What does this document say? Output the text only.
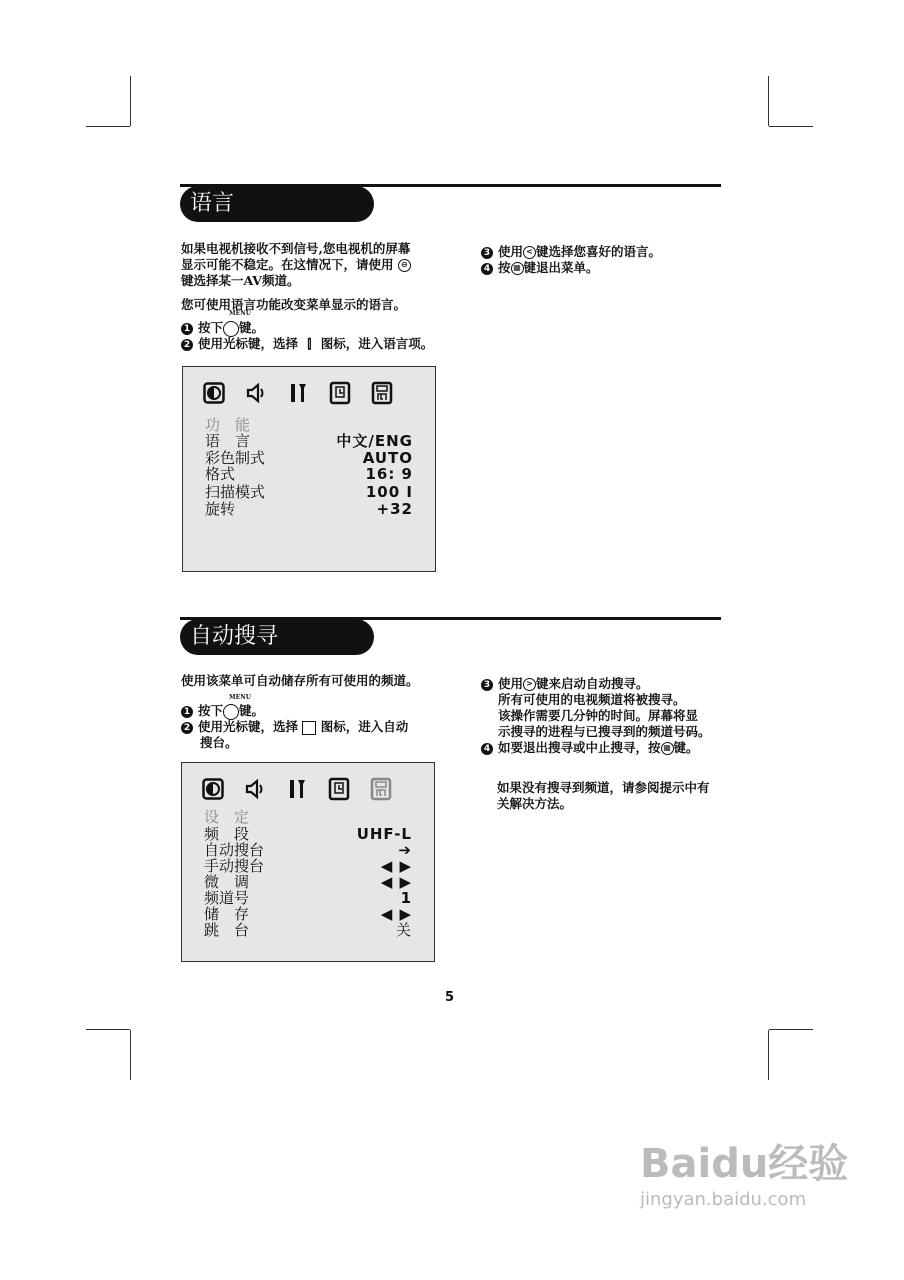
语言
如果电视机接收不到信号,您电视机的屏幕
显示可能不稳定。在这情况下，请使用 ⊖
键选择某一AV频道。
您可使用语言功能改变菜单显示的语言。
1 按下 键。
MENU
2 使用光标键，选择 ⫿ 图标，进入语言项。
3 使用 < 键选择您喜好的语言。
4 按 ▦ 键退出菜单。
功　能
语　言	中文/ENG
彩色制式	AUTO
格式	16: 9
扫描模式	100 I
旋转	+32
自动搜寻
使用该菜单可自动储存所有可使用的频道。
1 按下 键。
MENU
2 使用光标键，选择 图标，进入自动
搜台。
3 使用 > 键来启动自动搜寻。
所有可使用的电视频道将被搜寻。
该操作需要几分钟的时间。屏幕将显
示搜寻的进程与已搜寻到的频道号码。
4 如要退出搜寻或中止搜寻，按 ▦ 键。
如果没有搜寻到频道，请参阅提示中有
关解决方法。
设　定
频　段	UHF-L
自动搜台	➔
手动搜台	◀ ▶
微　调	◀ ▶
频道号	1
储　存	◀ ▶
跳　台	关
5
Baidu经验
jingyan.baidu.com
